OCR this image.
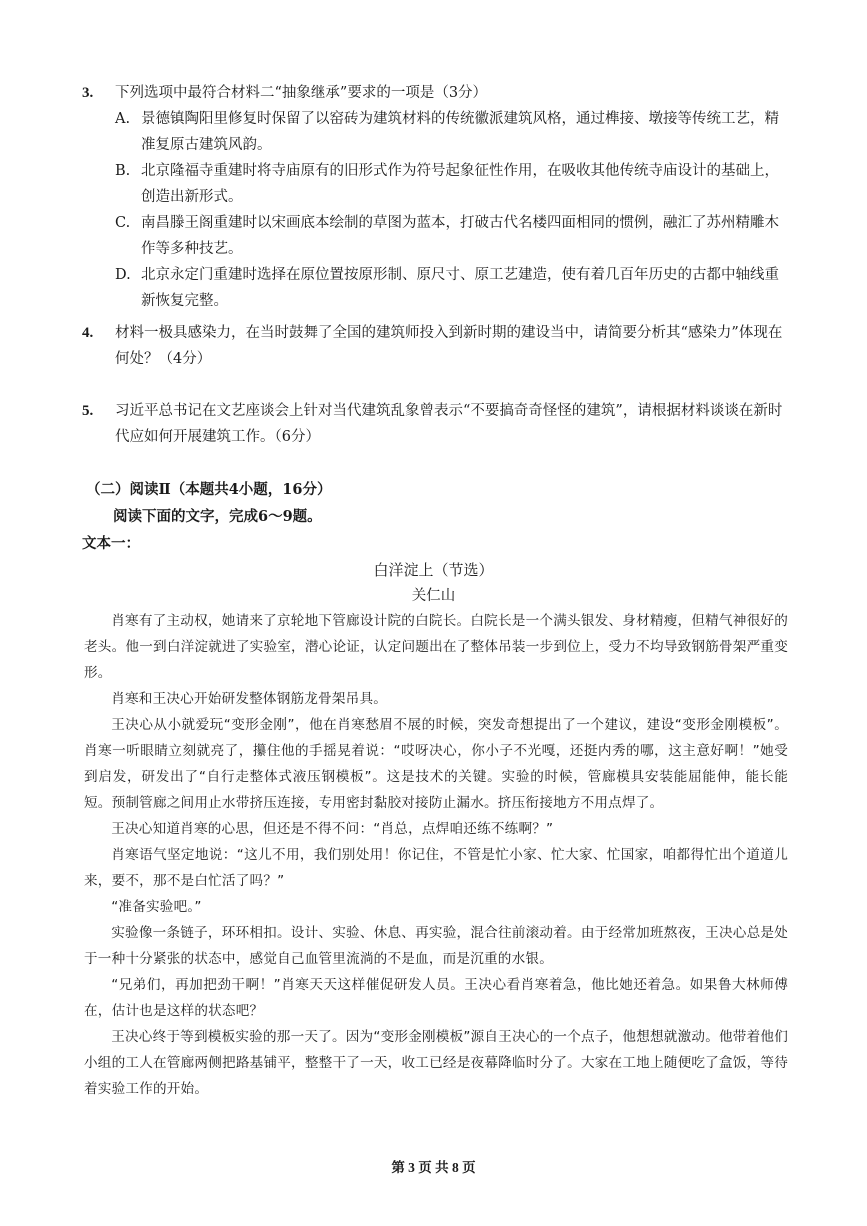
3. 下列选项中最符合材料二“抽象继承”要求的一项是（3分）
A. 景德镇陶阳里修复时保留了以窑砖为建筑材料的传统徽派建筑风格，通过榫接、墩接等传统工艺，精准复原古建筑风韵。
B. 北京隆福寺重建时将寺庙原有的旧形式作为符号起象征性作用，在吸收其他传统寺庙设计的基础上，创造出新形式。
C. 南昌滕王阁重建时以宋画底本绘制的草图为蓝本，打破古代名楼四面相同的惯例，融汇了苏州精雕木作等多种技艺。
D. 北京永定门重建时选择在原位置按原形制、原尺寸、原工艺建造，使有着几百年历史的古都中轴线重新恢复完整。
4. 材料一极具感染力，在当时鼓舞了全国的建筑师投入到新时期的建设当中，请简要分析其“感染力”体现在何处？（4分）
5. 习近平总书记在文艺座谈会上针对当代建筑乱象曾表示“不要搞奇奇怪怪的建筑”，请根据材料谈谈在新时代应如何开展建筑工作。（6分）
（二）阅读Ⅱ（本题共4小题，16分）
阅读下面的文字，完成6～9题。
文本一：
白洋淀上（节选）
关仁山

肖寒有了主动权，她请来了京轮地下管廊设计院的白院长。白院长是一个满头银发、身材精瘦，但精气神很好的老头。他一到白洋淀就进了实验室，潜心论证，认定问题出在了整体吊装一步到位上，受力不均导致钢筋骨架严重变形。

肖寒和王决心开始研发整体钢筋龙骨架吊具。

王决心从小就爱玩“变形金刚”，他在肖寒愁眉不展的时候，突发奇想提出了一个建议，建设“变形金刚模板”。肖寒一听眼睛立刻就亮了，攥住他的手摇晃着说：“哎呀决心，你小子不光嘎，还挺内秀的哪，这主意好啊！”她受到启发，研发出了“自行走整体式液压钢模板”。这是技术的关键。实验的时候，管廊模具安装能屈能伸，能长能短。预制管廊之间用止水带挤压连接，专用密封黏胶对接防止漏水。挤压衔接地方不用点焊了。

王决心知道肖寒的心思，但还是不得不问：“肖总，点焊咱还练不练啊？”

肖寒语气坚定地说：“这儿不用，我们别处用！你记住，不管是忙小家、忙大家、忙国家，咱都得忙出个道道儿来，要不，那不是白忙活了吗？”

“准备实验吧。”

实验像一条链子，环环相扣。设计、实验、休息、再实验，混合往前滚动着。由于经常加班熬夜，王决心总是处于一种十分紧张的状态中，感觉自己血管里流淌的不是血，而是沉重的水银。

“兄弟们，再加把劲干啊！”肖寒天天这样催促研发人员。王决心看肖寒着急，他比她还着急。如果鲁大林师傅在，估计也是这样的状态吧？

王决心终于等到模板实验的那一天了。因为“变形金刚模板”源自王决心的一个点子，他想想就激动。他带着他们小组的工人在管廊两侧把路基铺平，整整干了一天，收工已经是夜幕降临时分了。大家在工地上随便吃了盒饭，等待着实验工作的开始。

第 3 页 共 8 页
